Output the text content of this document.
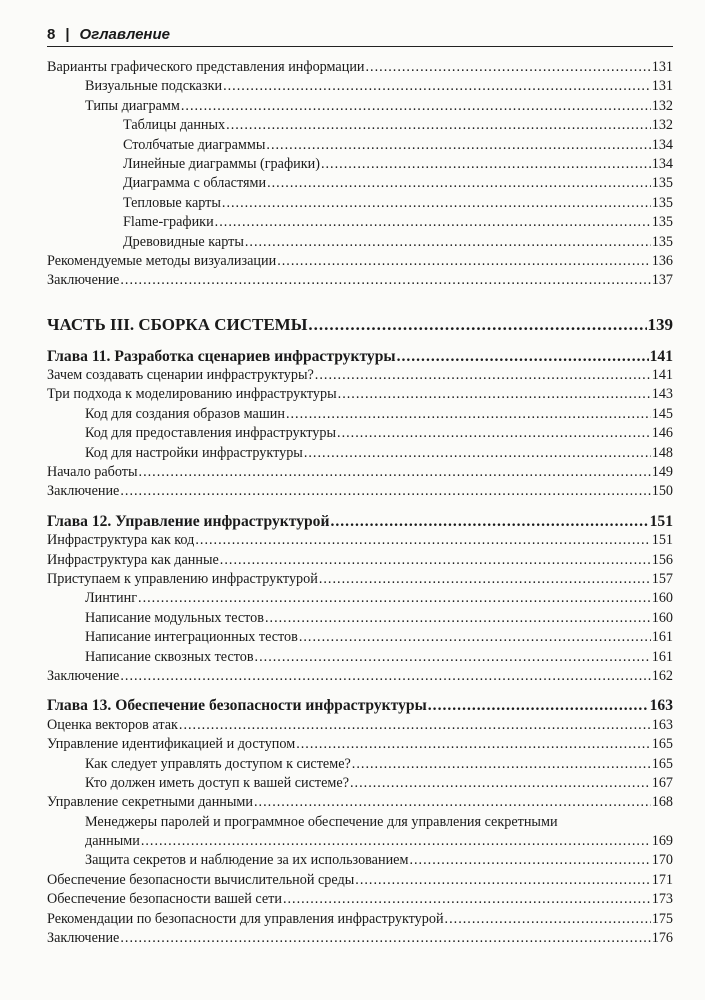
8 | Оглавление
Варианты графического представления информации .....	131
Визуальные подсказки .....	131
Типы диаграмм .....	132
Таблицы данных .....	132
Столбчатые диаграммы .....	134
Линейные диаграммы (графики) .....	134
Диаграмма с областями .....	135
Тепловые карты .....	135
Flame-графики .....	135
Древовидные карты .....	135
Рекомендуемые методы визуализации .....	136
Заключение .....	137
ЧАСТЬ III. СБОРКА СИСТЕМЫ .....	139
Глава 11. Разработка сценариев инфраструктуры .....	141
Зачем создавать сценарии инфраструктуры? .....	141
Три подхода к моделированию инфраструктуры .....	143
Код для создания образов машин .....	145
Код для предоставления инфраструктуры .....	146
Код для настройки инфраструктуры .....	148
Начало работы .....	149
Заключение .....	150
Глава 12. Управление инфраструктурой .....	151
Инфраструктура как код .....	151
Инфраструктура как данные .....	156
Приступаем к управлению инфраструктурой .....	157
Линтинг .....	160
Написание модульных тестов .....	160
Написание интеграционных тестов .....	161
Написание сквозных тестов .....	161
Заключение .....	162
Глава 13. Обеспечение безопасности инфраструктуры .....	163
Оценка векторов атак .....	163
Управление идентификацией и доступом .....	165
Как следует управлять доступом к системе? .....	165
Кто должен иметь доступ к вашей системе? .....	167
Управление секретными данными .....	168
Менеджеры паролей и программное обеспечение для управления секретными
данными .....	169
Защита секретов и наблюдение за их использованием .....	170
Обеспечение безопасности вычислительной среды .....	171
Обеспечение безопасности вашей сети .....	173
Рекомендации по безопасности для управления инфраструктурой .....	175
Заключение .....	176
